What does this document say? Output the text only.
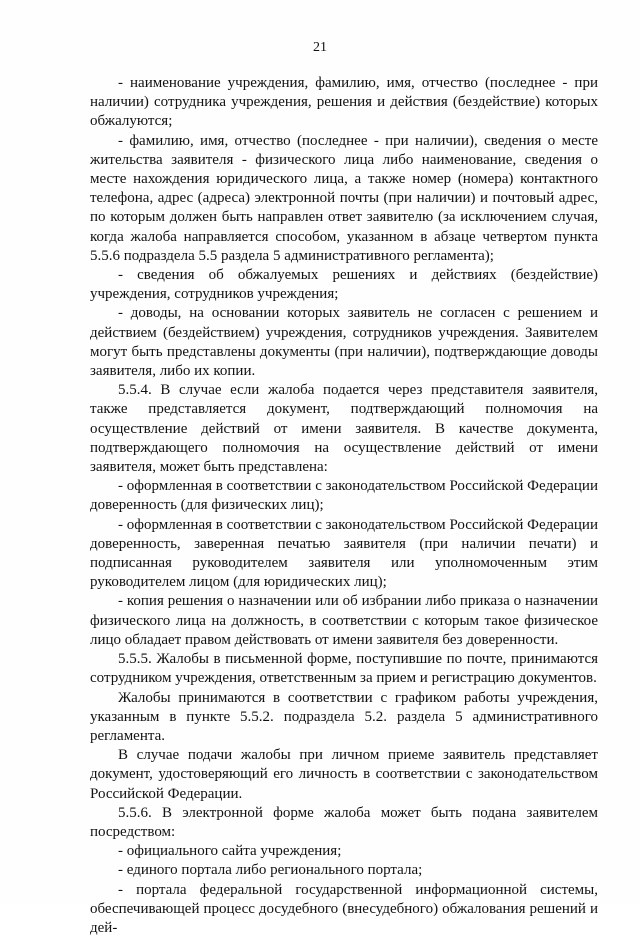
21

- наименование учреждения, фамилию, имя, отчество (последнее - при наличии) сотрудника учреждения, решения и действия (бездействие) которых обжалуются;

- фамилию, имя, отчество (последнее - при наличии), сведения о месте жительства заявителя - физического лица либо наименование, сведения о месте нахождения юридического лица, а также номер (номера) контактного телефона, адрес (адреса) электронной почты (при наличии) и почтовый адрес, по которым должен быть направлен ответ заявителю (за исключением случая, когда жалоба направляется способом, указанном в абзаце четвертом пункта 5.5.6 подраздела 5.5 раздела 5 административного регламента);

- сведения об обжалуемых решениях и действиях (бездействие) учреждения, сотрудников учреждения;

- доводы, на основании которых заявитель не согласен с решением и действием (бездействием) учреждения, сотрудников учреждения. Заявителем могут быть представлены документы (при наличии), подтверждающие доводы заявителя, либо их копии.

5.5.4. В случае если жалоба подается через представителя заявителя, также представляется документ, подтверждающий полномочия на осуществление действий от имени заявителя. В качестве документа, подтверждающего полномочия на осуществление действий от имени заявителя, может быть представлена:

- оформленная в соответствии с законодательством Российской Федерации доверенность (для физических лиц);

- оформленная в соответствии с законодательством Российской Федерации доверенность, заверенная печатью заявителя (при наличии печати) и подписанная руководителем заявителя или уполномоченным этим руководителем лицом (для юридических лиц);

- копия решения о назначении или об избрании либо приказа о назначении физического лица на должность, в соответствии с которым такое физическое лицо обладает правом действовать от имени заявителя без доверенности.

5.5.5. Жалобы в письменной форме, поступившие по почте, принимаются сотрудником учреждения, ответственным за прием и регистрацию документов.

Жалобы принимаются в соответствии с графиком работы учреждения, указанным в пункте 5.5.2. подраздела 5.2. раздела 5 административного регламента.

В случае подачи жалобы при личном приеме заявитель представляет документ, удостоверяющий его личность в соответствии с законодательством Российской Федерации.

5.5.6. В электронной форме жалоба может быть подана заявителем посредством:

- официального сайта учреждения;

- единого портала либо регионального портала;

- портала федеральной государственной информационной системы, обеспечивающей процесс досудебного (внесудебного) обжалования решений и дей-
